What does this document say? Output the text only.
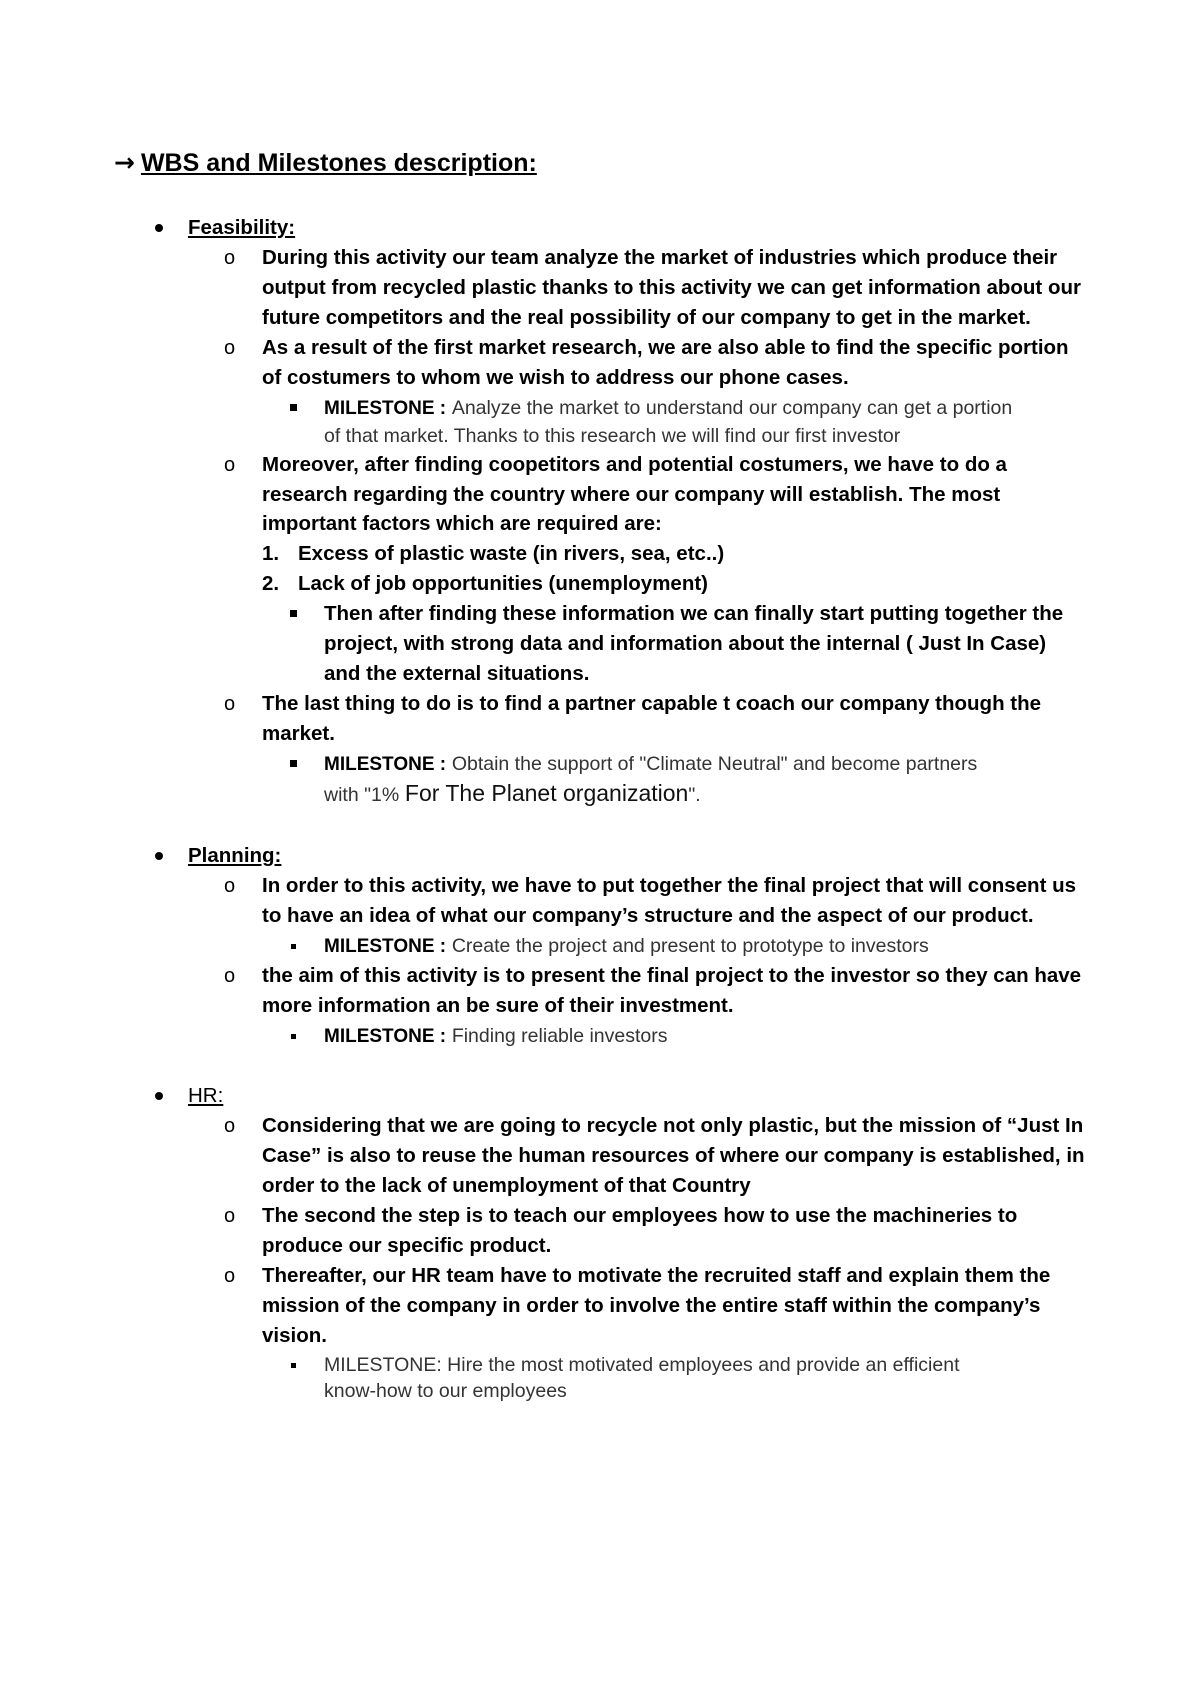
→ WBS and Milestones description:
Feasibility:
o During this activity our team analyze the market of industries which produce their
output from recycled plastic thanks to this activity we can get information about our
future competitors and the real possibility of our company to get in the market.
o As a result of the first market research, we are also able to find the specific portion
of costumers to whom we wish to address our phone cases.
MILESTONE : Analyze the market to understand our company can get a portion
of that market. Thanks to this research we will find our first investor
o Moreover, after finding coopetitors and potential costumers, we have to do a
research regarding the country where our company will establish. The most
important factors which are required are:
1. Excess of plastic waste (in rivers, sea, etc..)
2. Lack of job opportunities (unemployment)
Then after finding these information we can finally start putting together the
project, with strong data and information about the internal ( Just In Case)
and the external situations.
o The last thing to do is to find a partner capable t coach our company though the
market.
MILESTONE : Obtain the support of "Climate Neutral" and become partners
with "1% For The Planet organization".
Planning:
o In order to this activity, we have to put together the final project that will consent us
to have an idea of what our company’s structure and the aspect of our product.
MILESTONE : Create the project and present to prototype to investors
o the aim of this activity is to present the final project to the investor so they can have
more information an be sure of their investment.
MILESTONE : Finding reliable investors
HR:
o Considering that we are going to recycle not only plastic, but the mission of “Just In
Case” is also to reuse the human resources of where our company is established, in
order to the lack of unemployment of that Country
o The second the step is to teach our employees how to use the machineries to
produce our specific product.
o Thereafter, our HR team have to motivate the recruited staff and explain them the
mission of the company in order to involve the entire staff within the company’s
vision.
MILESTONE: Hire the most motivated employees and provide an efficient
know-how to our employees
